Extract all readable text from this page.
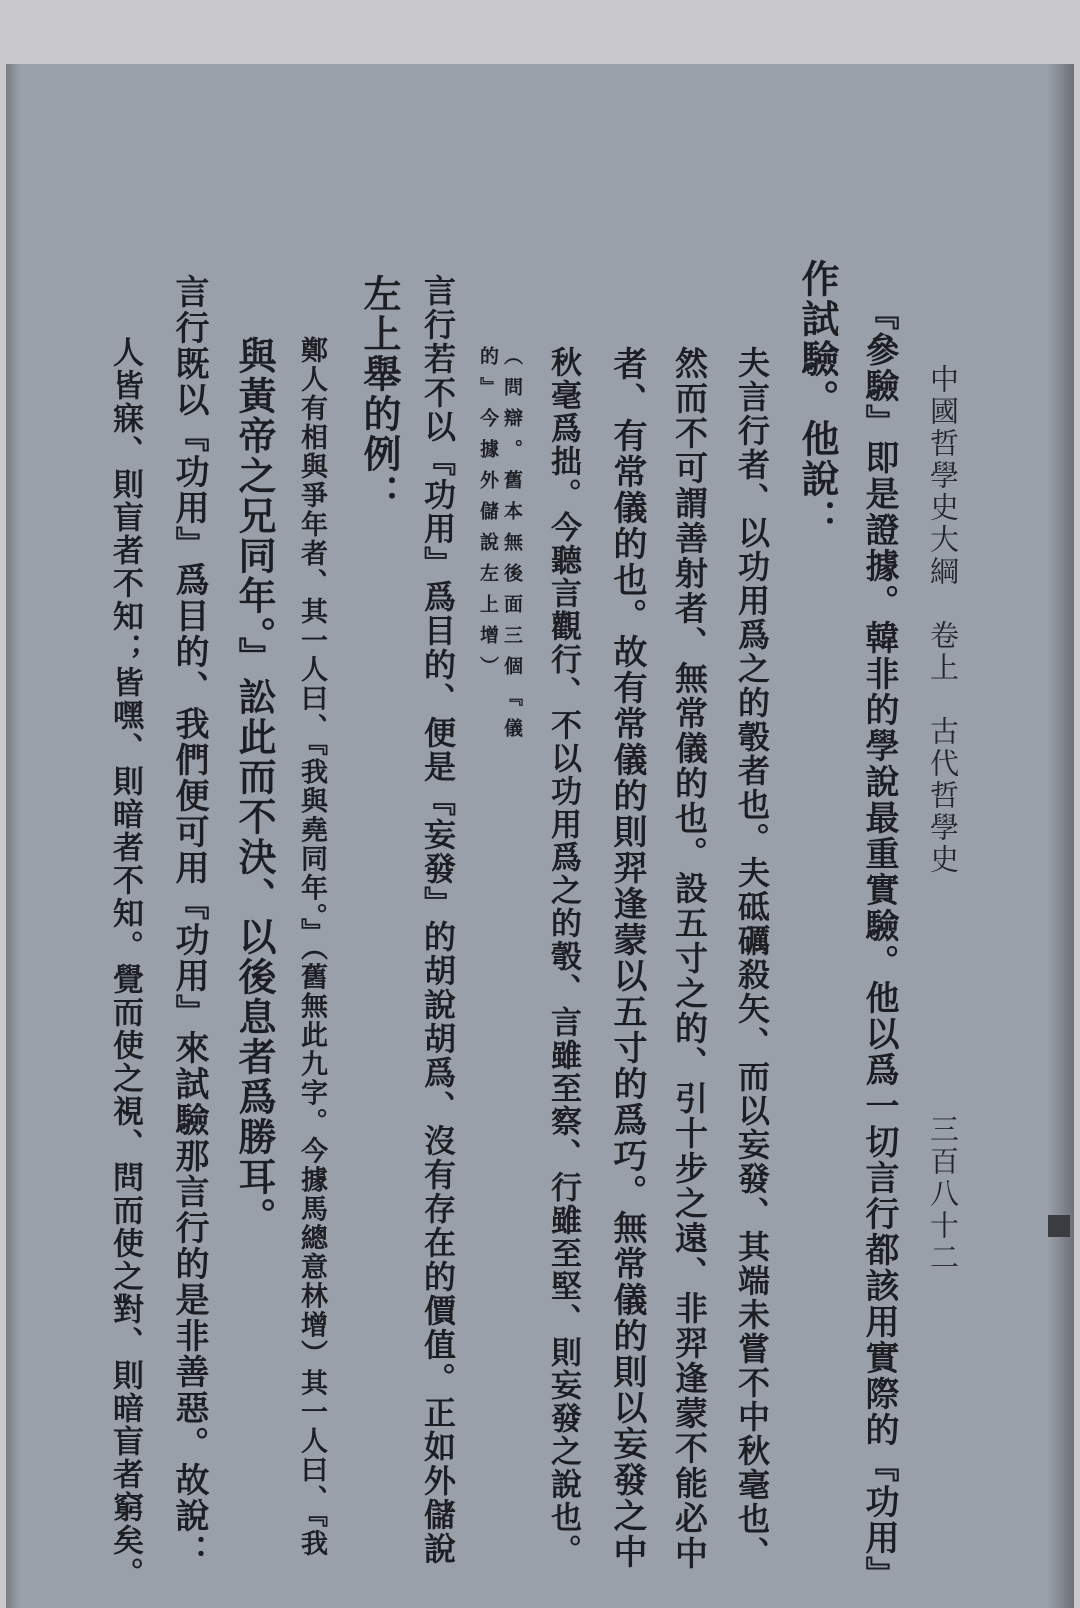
中國哲學史大綱　卷上　古代哲學史
三百八十二
『參驗』即是證據。韓非的學說最重實驗。他以爲一切言行都該用實際的『功用』
作試驗。他說：
夫言行者、以功用爲之的彀者也。夫砥礪殺矢、而以妄發、其端未嘗不中秋毫也、
然而不可謂善射者、無常儀的也。設五寸之的、引十步之遠、非羿逢蒙不能必中
者、有常儀的也。故有常儀的則羿逢蒙以五寸的爲巧。無常儀的則以妄發之中
秋毫爲拙。今聽言觀行、不以功用爲之的彀、言雖至察、行雖至堅、則妄發之說也。
（問辯。舊本無後面三個『儀
的』今據外儲說左上增）
言行若不以『功用』爲目的、便是『妄發』的胡說胡爲、沒有存在的價值。正如外儲說
左上舉的例：
鄭人有相與爭年者、其一人曰、『我與堯同年。』（舊無此九字。今據馬總意林增）其一人曰、『我
與黃帝之兄同年。』訟此而不決、以後息者爲勝耳。
言行既以『功用』爲目的、我們便可用『功用』來試驗那言行的是非善惡。故說：
人皆寐、則盲者不知；皆嘿、則暗者不知。覺而使之視、問而使之對、則暗盲者窮矣。
